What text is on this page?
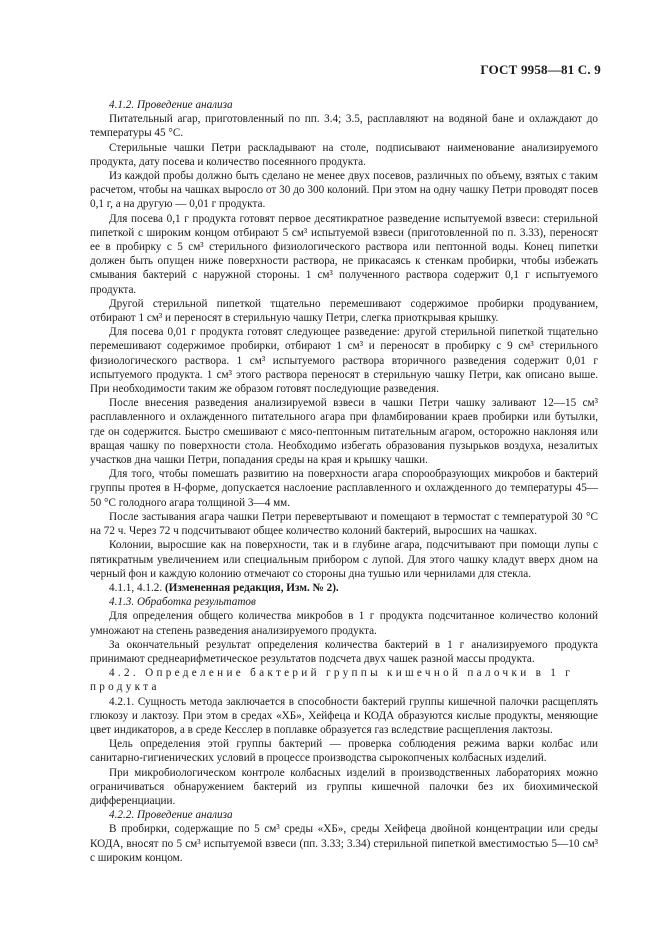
ГОСТ 9958—81 С. 9

4.1.2. Проведение анализа

Питательный агар, приготовленный по пп. 3.4; 3.5, расплавляют на водяной бане и охлаждают до температуры 45 °С.

Стерильные чашки Петри раскладывают на столе, подписывают наименование анализируемого продукта, дату посева и количество посеянного продукта.

Из каждой пробы должно быть сделано не менее двух посевов, различных по объему, взятых с таким расчетом, чтобы на чашках выросло от 30 до 300 колоний. При этом на одну чашку Петри проводят посев 0,1 г, а на другую — 0,01 г продукта.

Для посева 0,1 г продукта готовят первое десятикратное разведение испытуемой взвеси: стерильной пипеткой с широким концом отбирают 5 см³ испытуемой взвеси (приготовленной по п. 3.33), переносят ее в пробирку с 5 см³ стерильного физиологического раствора или пептонной воды. Конец пипетки должен быть опущен ниже поверхности раствора, не прикасаясь к стенкам пробирки, чтобы избежать смывания бактерий с наружной стороны. 1 см³ полученного раствора содержит 0,1 г испытуемого продукта.

Другой стерильной пипеткой тщательно перемешивают содержимое пробирки продуванием, отбирают 1 см³ и переносят в стерильную чашку Петри, слегка приоткрывая крышку.

Для посева 0,01 г продукта готовят следующее разведение: другой стерильной пипеткой тщательно перемешивают содержимое пробирки, отбирают 1 см³ и переносят в пробирку с 9 см³ стерильного физиологического раствора. 1 см³ испытуемого раствора вторичного разведения содержит 0,01 г испытуемого продукта. 1 см³ этого раствора переносят в стерильную чашку Петри, как описано выше. При необходимости таким же образом готовят последующие разведения.

После внесения разведения анализируемой взвеси в чашки Петри чашку заливают 12—15 см³ расплавленного и охлажденного питательного агара при фламбировании краев пробирки или бутылки, где он содержится. Быстро смешивают с мясо-пептонным питательным агаром, осторожно наклоняя или вращая чашку по поверхности стола. Необходимо избегать образования пузырьков воздуха, незалитых участков дна чашки Петри, попадания среды на края и крышку чашки.

Для того, чтобы помешать развитию на поверхности агара спорообразующих микробов и бактерий группы протея в Н-форме, допускается наслоение расплавленного и охлажденного до температуры 45—50 °С голодного агара толщиной 3—4 мм.

После застывания агара чашки Петри перевертывают и помещают в термостат с температурой 30 °С на 72 ч. Через 72 ч подсчитывают общее количество колоний бактерий, выросших на чашках.

Колонии, выросшие как на поверхности, так и в глубине агара, подсчитывают при помощи лупы с пятикратным увеличением или специальным прибором с лупой. Для этого чашку кладут вверх дном на черный фон и каждую колонию отмечают со стороны дна тушью или чернилами для стекла.

4.1.1, 4.1.2. (Измененная редакция, Изм. № 2).

4.1.3. Обработка результатов

Для определения общего количества микробов в 1 г продукта подсчитанное количество колоний умножают на степень разведения анализируемого продукта.

За окончательный результат определения количества бактерий в 1 г анализируемого продукта принимают среднеарифметическое результатов подсчета двух чашек разной массы продукта.

4.2. Определение бактерий группы кишечной палочки в 1 г продукта

4.2.1. Сущность метода заключается в способности бактерий группы кишечной палочки расщеплять глюкозу и лактозу. При этом в средах «ХБ», Хейфеца и КОДА образуются кислые продукты, меняющие цвет индикаторов, а в среде Кесслер в поплавке образуется газ вследствие расщепления лактозы.

Цель определения этой группы бактерий — проверка соблюдения режима варки колбас или санитарно-гигиенических условий в процессе производства сырокопченых колбасных изделий.

При микробиологическом контроле колбасных изделий в производственных лабораториях можно ограничиваться обнаружением бактерий из группы кишечной палочки без их биохимической дифференциации.

4.2.2. Проведение анализа

В пробирки, содержащие по 5 см³ среды «ХБ», среды Хейфеца двойной концентрации или среды КОДА, вносят по 5 см³ испытуемой взвеси (пп. 3.33; 3.34) стерильной пипеткой вместимостью 5—10 см³ с широким концом.
